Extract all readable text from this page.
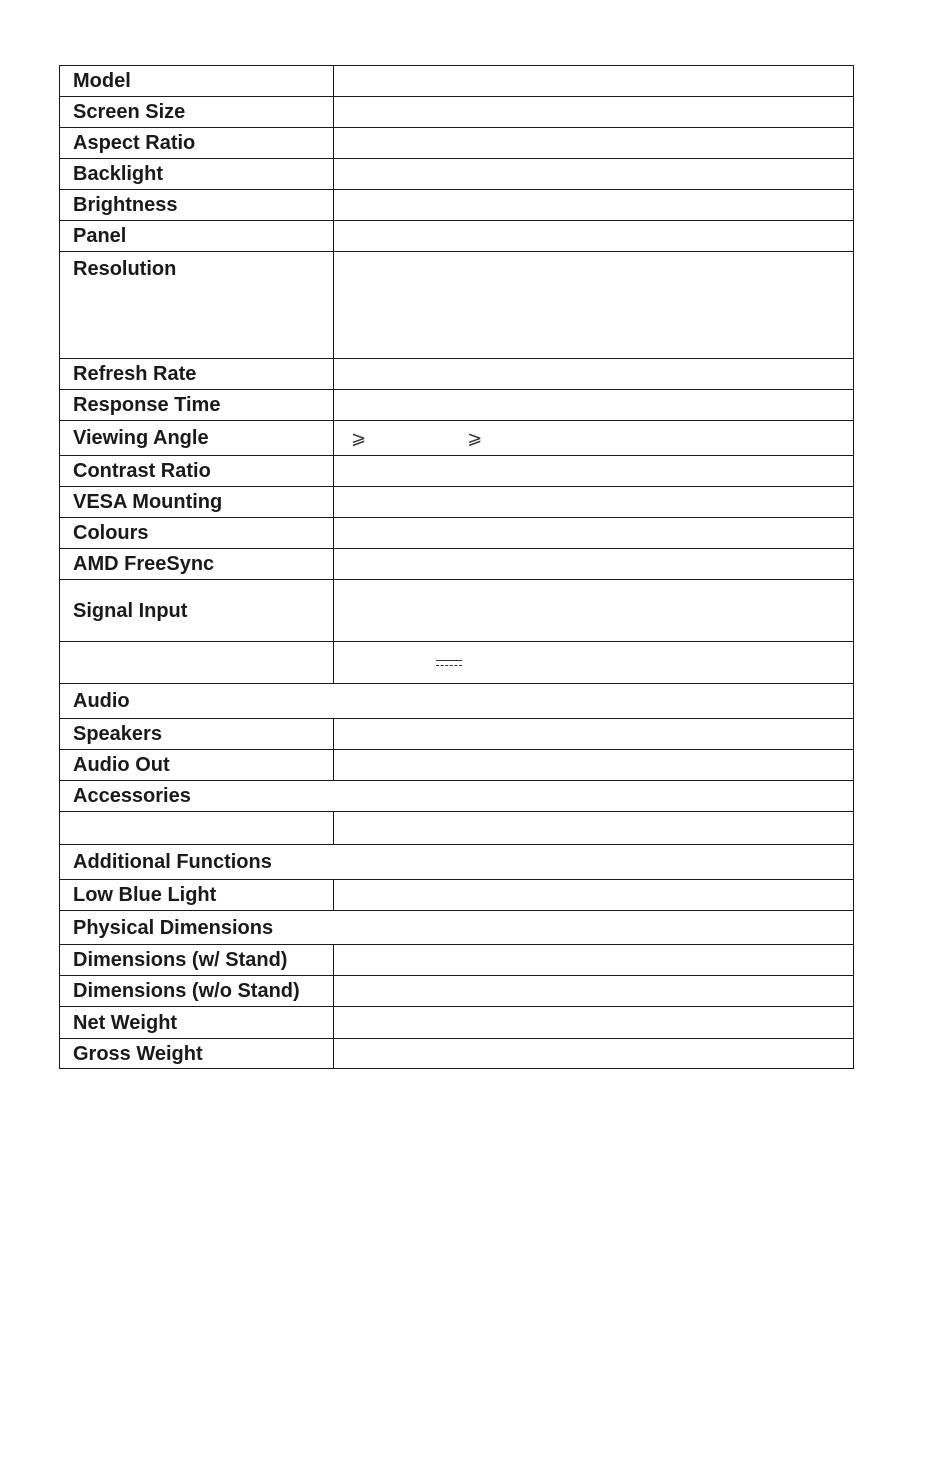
Model	
Screen Size	
Aspect Ratio	
Backlight	
Brightness	
Panel	
Resolution	
Refresh Rate	
Response Time	
Viewing Angle	⩾ ⩾
Contrast Ratio	
VESA Mounting	
Colours	
AMD FreeSync	
Signal Input	

Audio	
Speakers	
Audio Out	
Accessories	

Additional Functions	
Low Blue Light	
Physical Dimensions	
Dimensions (w/ Stand)	
Dimensions (w/o Stand)	
Net Weight	
Gross Weight	
